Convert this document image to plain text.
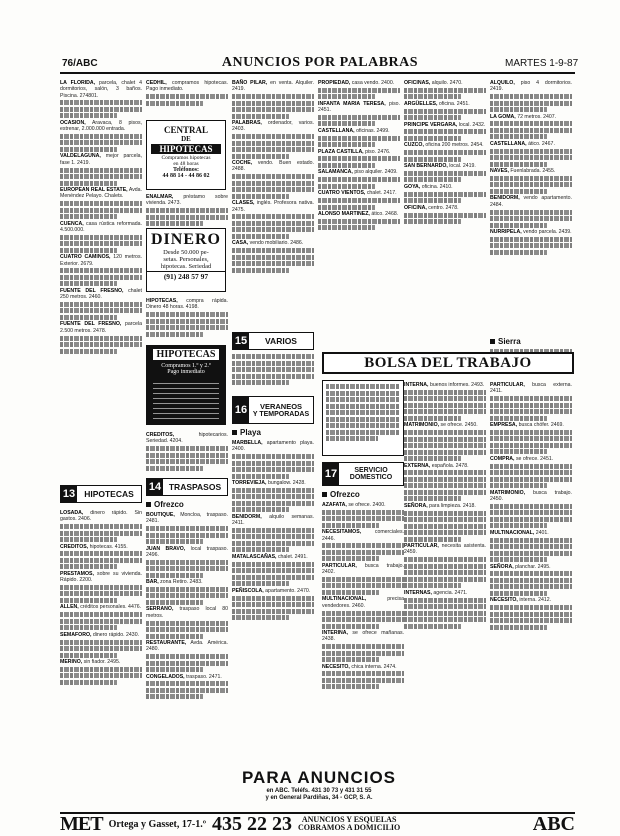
76/ABC	ANUNCIOS POR PALABRAS	MARTES 1-9-87
LA FLORIDA, parcela, chalet 4 dormitorios, salón, 3 baños. Piscina. 274801.
OCASION, Aravaca, 8 pisos, estrenar, 2.000.000 entrada.
VALDELAGUNA, mejor parcela, fase 1. 2419.
EUROPEAN REAL ESTATE, Avda. Menéndez Pelayo. Chalets.
CUENCA, casa rústica reformada. 4.500.000.
CUATRO CAMINOS, 120 metros. Exterior. 2679.
FUENTE DEL FRESNO, chalet 250 metros. 2460.
FUENTE DEL FRESNO, parcela 2.500 metros. 2478.
13	HIPOTECAS
LOSADA, dinero rápido. Sin gastos. 2406.
CREDITOS, hipotecas. 4155.
PRESTAMOS, sobre su vivienda. Rápido. 2200.
ALLEN, créditos personales. 4476.
SEMAFORO, dinero rápido. 2430.
MERINO, sin fiador. 2495.
CENTRAL
DE
HIPOTECAS
Compramos hipotecas
en 48 horas
Teléfonos:
44 88 14 - 44 86 02
CEDHIL, compramos hipotecas. Pago inmediato.
ENALMAR, préstamo sobre vivienda. 2473.
DINERO
Desde 50.000 pe-
setas. Personales,
hipotecas. Seriedad
(91) 248 57 97
HIPOTECAS, compra rápida. Dinero 48 horas. 4198.
HIPOTECAS
Compramos 1.º y 2.º
Pago inmediato
CREDITOS,	hipotecarios. Seriedad. 4204.
14 TRASPASOS
Ofrezco
BOUTIQUE, Moncloa, traspaso. 2481.
JUAN BRAVO, local traspaso. 2496.
BAR, zona Retiro. 2483.
SERRANO, traspaso local 80 metros.
RESTAURANTE, Avda. América. 2480.
CONGELADOS, traspaso. 2471.
BAÑO PILAR, en venta. Alquiler. 2419.
PALABRAS, ordenador, varios. 2403.
COCHE, vendo. Buen estado. 2488.
CLASES, inglés. Profesora nativa. 2475.
CASA, vendo mobiliario. 2486.
15	VARIOS
16	VERANEOS
Y TEMPORADAS
Playa
MARBELLA, apartamento playa. 2400.
TORREVIEJA, bungalow. 2428.
BENIDORM, alquilo semanas. 2411.
MATALASCAÑAS, chalet. 2491.
PEÑISCOLA, apartamento. 2470.
PROPIEDAD, casa vendo. 2400.
INFANTA MARIA TERESA, piso. 2451.
CASTELLANA, oficinas. 2499.
PLAZA CASTILLA, piso. 2476.
SALAMANCA, piso alquiler. 2409.
CUATRO VIENTOS, chalet. 2417.
ALONSO MARTINEZ, ático. 2468.
OFICINAS, alquilo. 2470.
ARGÜELLES, oficina. 2451.
PRINCIPE VERGARA, local. 2432.
CUZCO, oficina 200 metros. 2454.
SAN BERNARDO, local. 2419.
GOYA, oficina. 2410.
OFICINA, centro. 2478.
ALQUILO, piso 4 dormitorios. 2419.
LA GOMA, 72 metros. 2407.
CASTELLANA, ático. 2467.
NAVES, Fuenlabrada. 2455.
BENIDORM, vendo apartamento. 2484.
NURRIPELA, vendo parcela. 2439.
Sierra
BOLSA DEL TRABAJO
17	SERVICIO
DOMESTICO
Ofrezco
AZAFATA, se ofrece. 2400.
NECESITAMOS,	comerciales. 2446.
PARTICULAR, busca trabajo. 2402.
MULTINACIONAL,	precisa vendedores. 2460.
INTERINA, se ofrece mañanas. 2438.
NECESITO, chica interna. 2474.
INTERNA, buenos informes. 2493.
MATRIMONIO, se ofrece. 2450.
EXTERNA, española. 2478.
SEÑORA, para limpieza. 2418.
PARTICULAR, necesita asistenta. 2459.
INTERNAS, agencia. 2471.
PARTICULAR, busca externa. 2411.
EMPRESA, busca chófer. 2469.
COMPRA, se ofrece. 2451.
MATRIMONIO, busca trabajo. 2450.
MULTINACIONAL, 2401.
SEÑORA, planchar. 2495.
NECESITO, interna. 2412.
PARA ANUNCIOS
en ABC. Teléfs. 431 30 73 y 431 31 55
y en General Pardiñas, 34 - GCP, S. A.
MET Ortega y Gasset, 17-1.º 435 22 23	ANUNCIOS Y ESQUELAS
COBRAMOS A DOMICILIO	ABC
